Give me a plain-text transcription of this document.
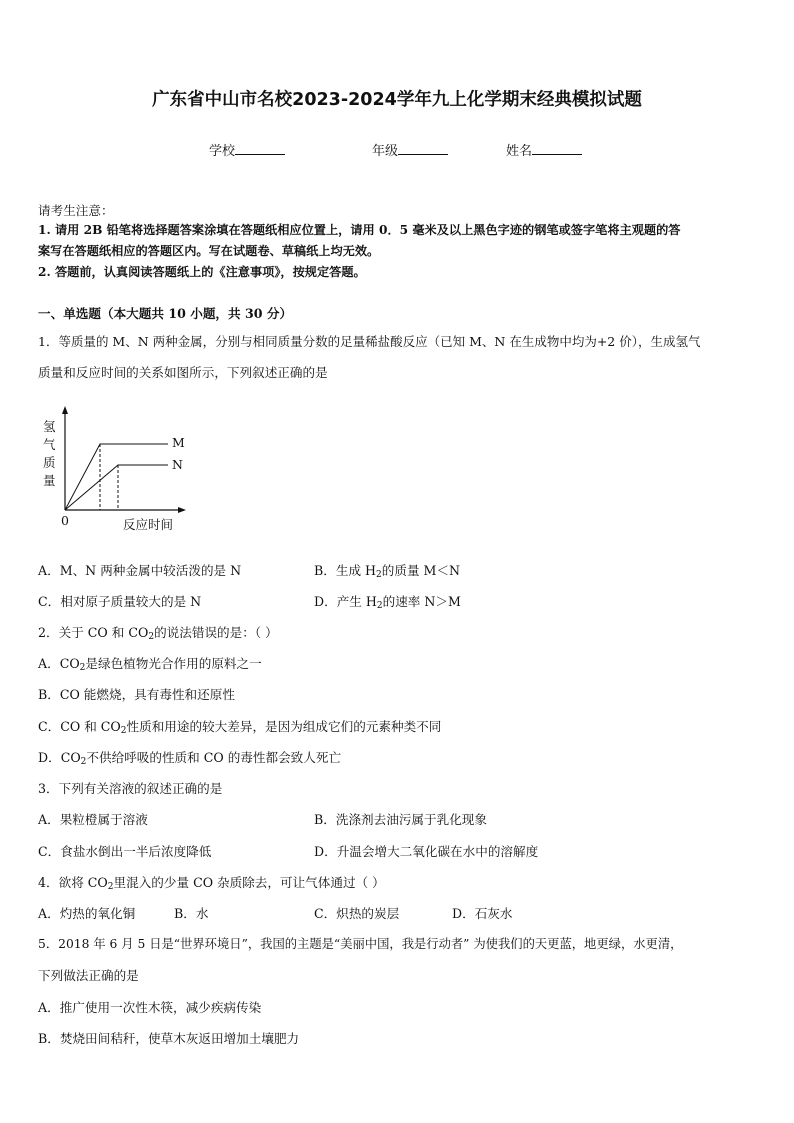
广东省中山市名校2023-2024学年九上化学期末经典模拟试题
学校	年级	姓名
请考生注意：
1. 请用 2B 铅笔将选择题答案涂填在答题纸相应位置上，请用 0．5 毫米及以上黑色字迹的钢笔或签字笔将主观题的答
案写在答题纸相应的答题区内。写在试题卷、草稿纸上均无效。
2. 答题前，认真阅读答题纸上的《注意事项》，按规定答题。
一、单选题（本大题共 10 小题，共 30 分）
1．等质量的 M、N 两种金属，分别与相同质量分数的足量稀盐酸反应（已知 M、N 在生成物中均为+2 价），生成氢气
质量和反应时间的关系如图所示，下列叙述正确的是
氢
气
质
量
0	反应时间
M
N
A．M、N 两种金属中较活泼的是 N	B．生成 $H_2$的质量 M＜N
C．相对原子质量较大的是 N	D．产生 $H_2$的速率 N＞M
2．关于 CO 和 $CO_2$的说法错误的是：（ ）
A．$CO_2$是绿色植物光合作用的原料之一
B．CO 能燃烧，具有毒性和还原性
C．CO 和 $CO_2$性质和用途的较大差异，是因为组成它们的元素种类不同
D．$CO_2$不供给呼吸的性质和 CO 的毒性都会致人死亡
3．下列有关溶液的叙述正确的是
A．果粒橙属于溶液	B．洗涤剂去油污属于乳化现象
C．食盐水倒出一半后浓度降低	D．升温会增大二氧化碳在水中的溶解度
4．欲将 $CO_2$里混入的少量 CO 杂质除去，可让气体通过（ ）
A．灼热的氧化铜	B．水	C．炽热的炭层	D．石灰水
5．2018 年 6 月 5 日是“世界环境日”，我国的主题是“美丽中国，我是行动者” 为使我们的天更蓝，地更绿，水更清，
下列做法正确的是
A．推广使用一次性木筷，减少疾病传染
B．焚烧田间秸秆，使草木灰返田增加土壤肥力
